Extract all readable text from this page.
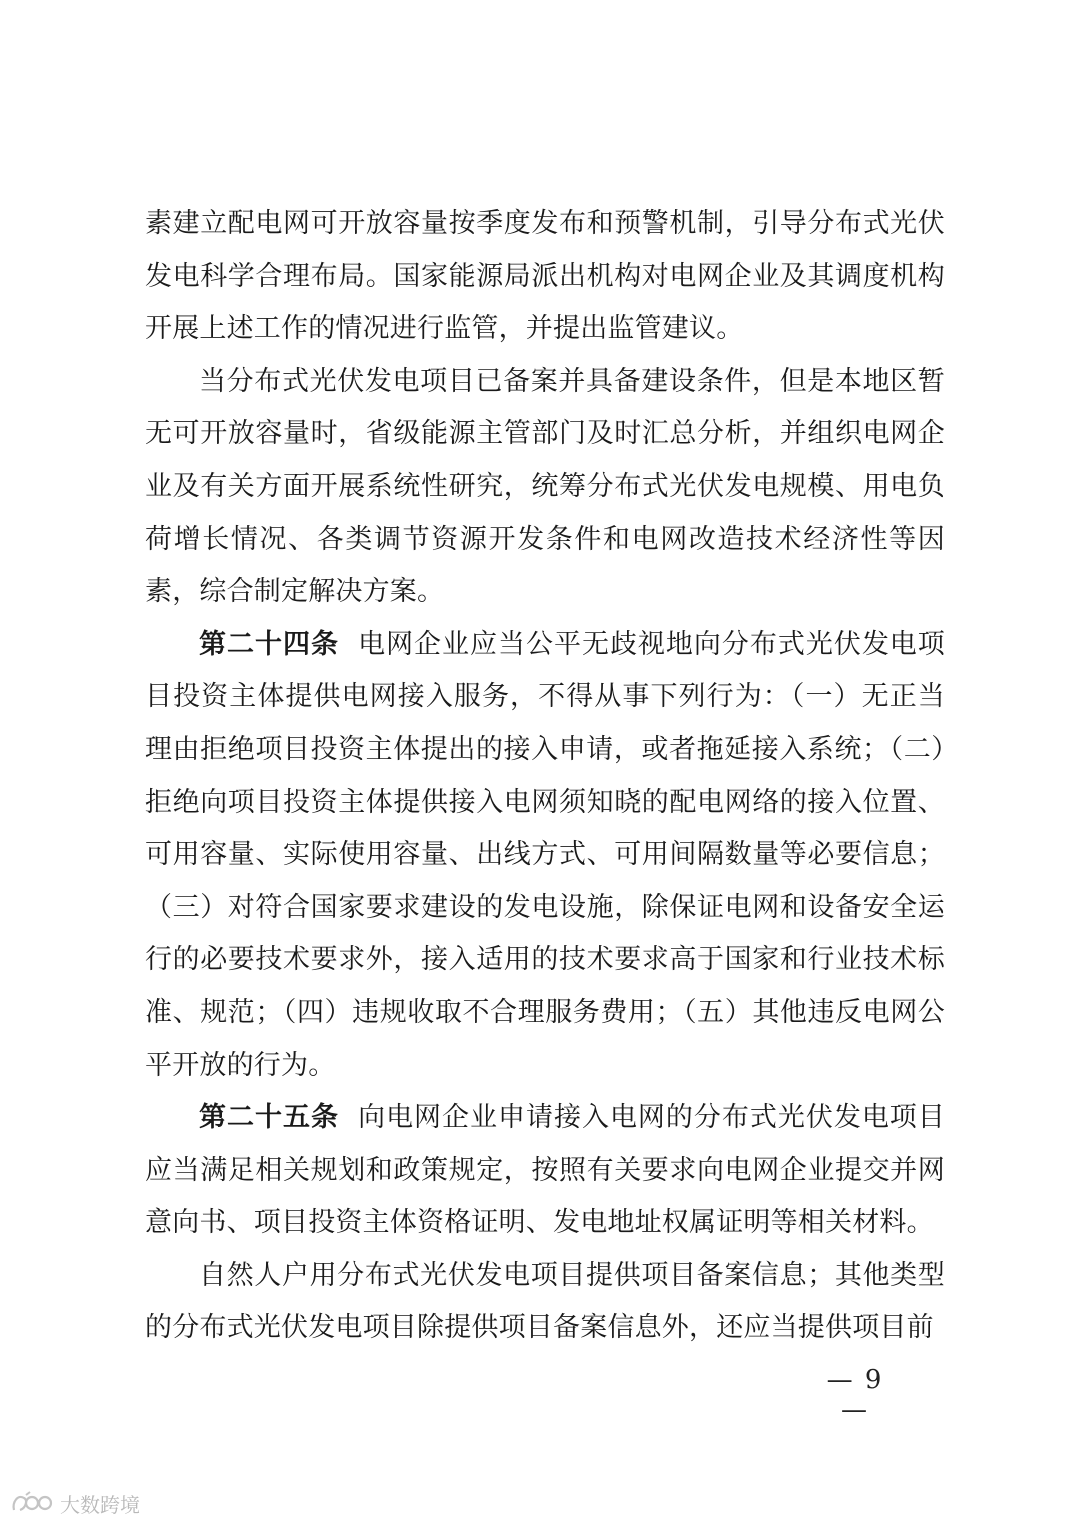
素建立配电网可开放容量按季度发布和预警机制，引导分布式光伏发电科学合理布局。国家能源局派出机构对电网企业及其调度机构开展上述工作的情况进行监管，并提出监管建议。

当分布式光伏发电项目已备案并具备建设条件，但是本地区暂无可开放容量时，省级能源主管部门及时汇总分析，并组织电网企业及有关方面开展系统性研究，统筹分布式光伏发电规模、用电负荷增长情况、各类调节资源开发条件和电网改造技术经济性等因素，综合制定解决方案。

第二十四条 电网企业应当公平无歧视地向分布式光伏发电项目投资主体提供电网接入服务，不得从事下列行为：（一）无正当理由拒绝项目投资主体提出的接入申请，或者拖延接入系统；（二）拒绝向项目投资主体提供接入电网须知晓的配电网络的接入位置、可用容量、实际使用容量、出线方式、可用间隔数量等必要信息；（三）对符合国家要求建设的发电设施，除保证电网和设备安全运行的必要技术要求外，接入适用的技术要求高于国家和行业技术标准、规范；（四）违规收取不合理服务费用；（五）其他违反电网公平开放的行为。

第二十五条 向电网企业申请接入电网的分布式光伏发电项目应当满足相关规划和政策规定，按照有关要求向电网企业提交并网意向书、项目投资主体资格证明、发电地址权属证明等相关材料。

自然人户用分布式光伏发电项目提供项目备案信息；其他类型的分布式光伏发电项目除提供项目备案信息外，还应当提供项目前

— 9 —
大数跨境
